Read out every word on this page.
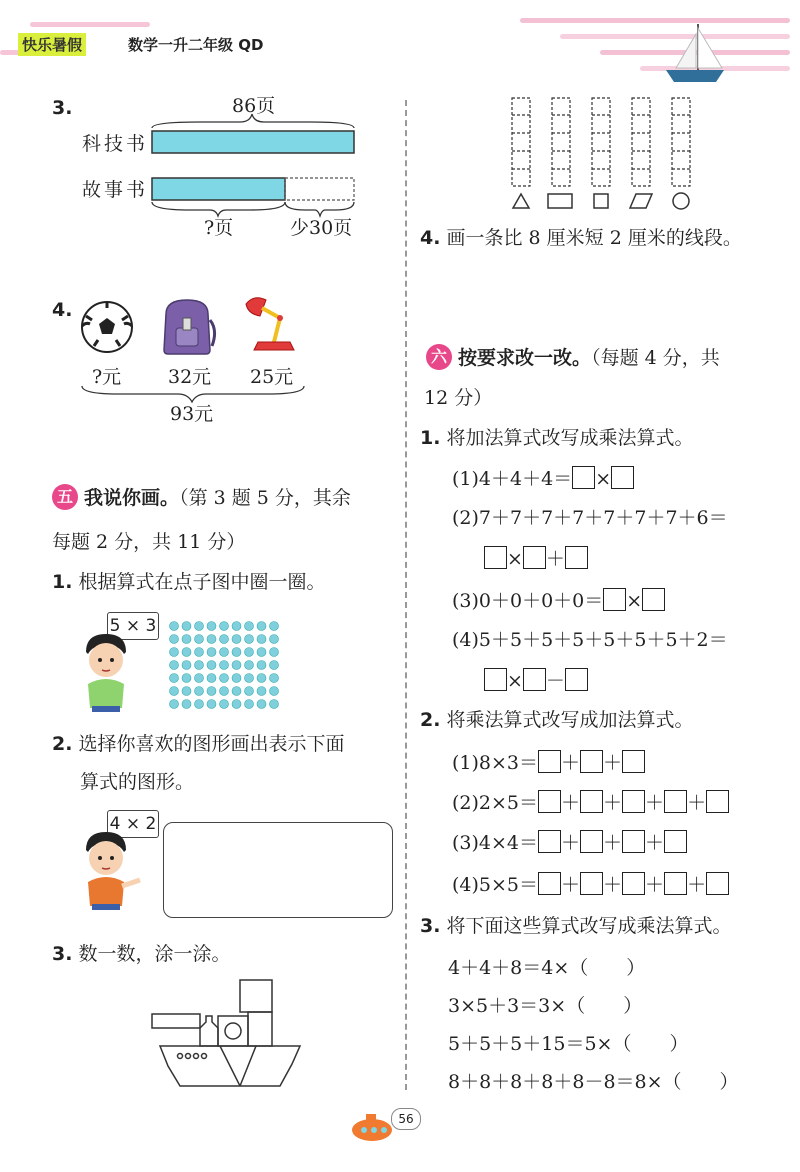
快乐暑假	数学一升二年级 QD
3.	86页
科技书
故事书
?页	少30页
4.
?元 32元 25元
93元
五 我说你画。（第 3 题 5 分，其余
每题 2 分，共 11 分）
1. 根据算式在点子图中圈一圈。
5 × 3
2. 选择你喜欢的图形画出表示下面
算式的图形。
4 × 2
3. 数一数，涂一涂。
4. 画一条比 8 厘米短 2 厘米的线段。
六 按要求改一改。（每题 4 分，共
12 分）
1. 将加法算式改写成乘法算式。
(1)4＋4＋4＝ ×
(2)7＋7＋7＋7＋7＋7＋7＋6＝
× ＋
(3)0＋0＋0＋0＝ ×
(4)5＋5＋5＋5＋5＋5＋5＋2＝
× －
2. 将乘法算式改写成加法算式。
(1)8×3＝ ＋ ＋
(2)2×5＝ ＋ ＋ ＋ ＋
(3)4×4＝ ＋ ＋ ＋
(4)5×5＝ ＋ ＋ ＋ ＋
3. 将下面这些算式改写成乘法算式。
4＋4＋8＝4×（　　）
3×5＋3＝3×（　　）
5＋5＋5＋15＝5×（　　）
8＋8＋8＋8＋8－8＝8×（　　）
56
